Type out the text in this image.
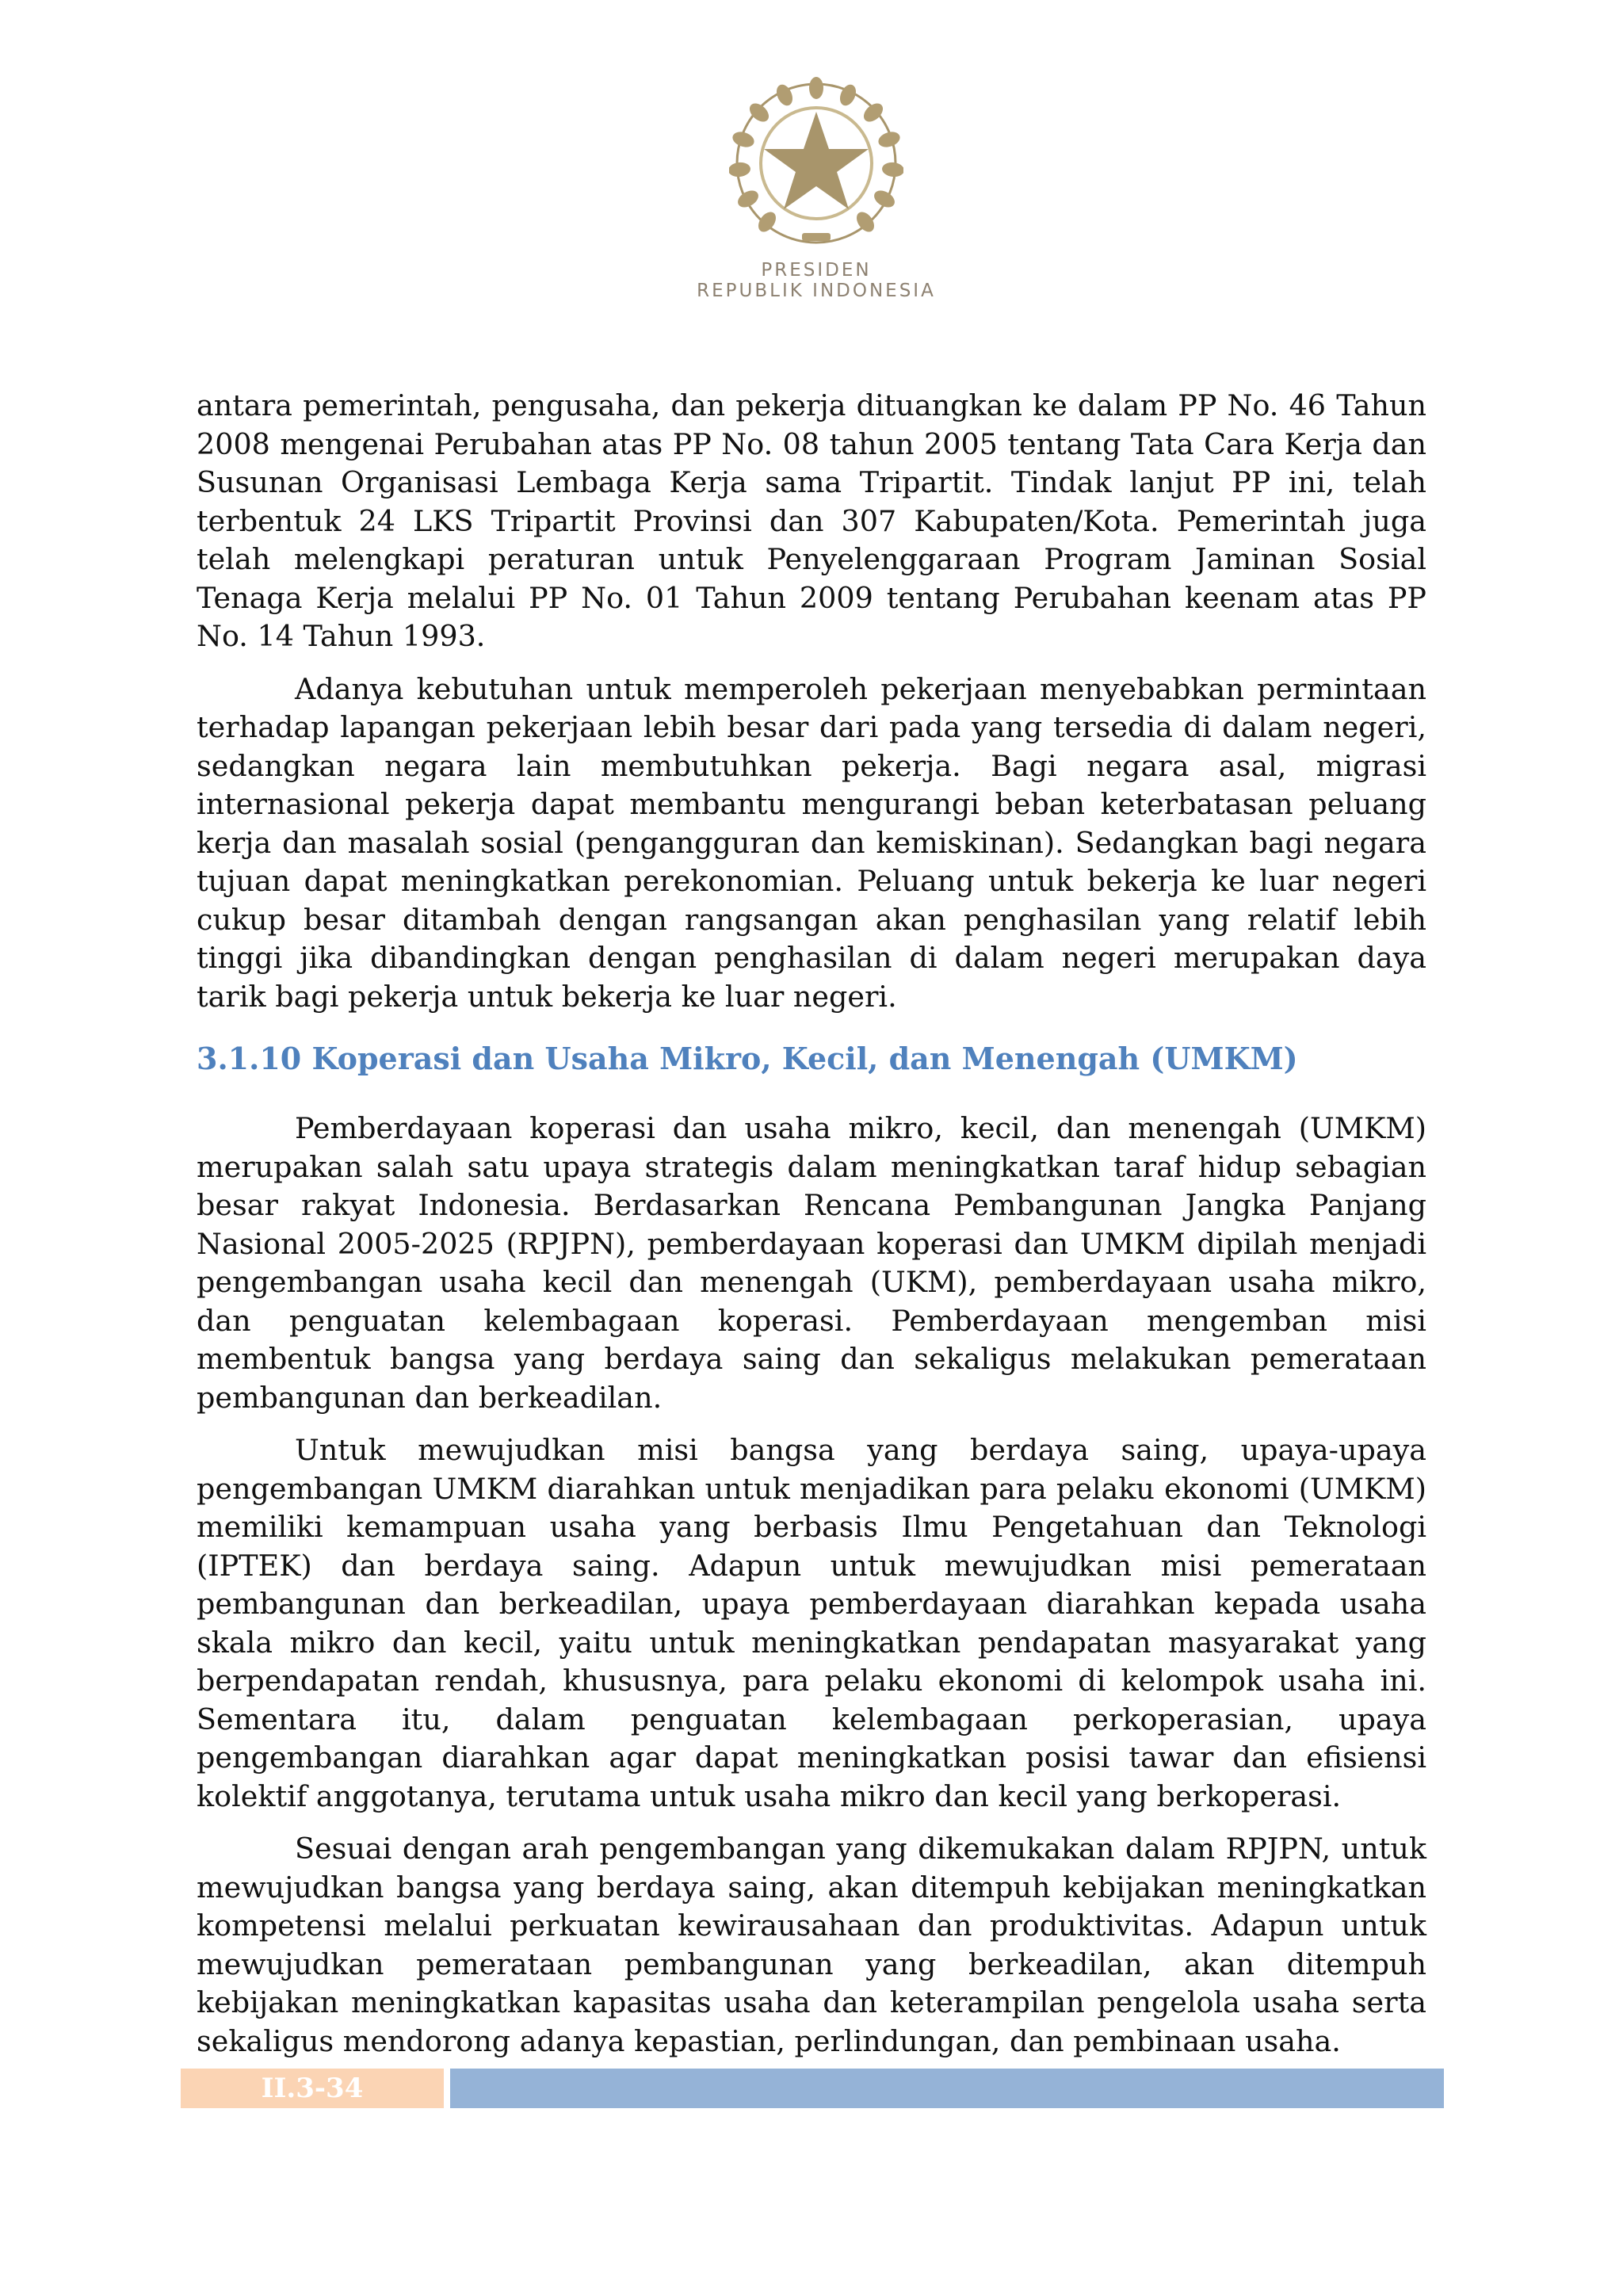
PRESIDEN
REPUBLIK INDONESIA

antara pemerintah, pengusaha, dan pekerja dituangkan ke dalam PP No. 46 Tahun 2008 mengenai Perubahan atas PP No. 08 tahun 2005 tentang Tata Cara Kerja dan Susunan Organisasi Lembaga Kerja sama Tripartit. Tindak lanjut PP ini, telah terbentuk 24 LKS Tripartit Provinsi dan 307 Kabupaten/Kota. Pemerintah juga telah melengkapi peraturan untuk Penyelenggaraan Program Jaminan Sosial Tenaga Kerja melalui PP No. 01 Tahun 2009 tentang Perubahan keenam atas PP No. 14 Tahun 1993.

Adanya kebutuhan untuk memperoleh pekerjaan menyebabkan permintaan terhadap lapangan pekerjaan lebih besar dari pada yang tersedia di dalam negeri, sedangkan negara lain membutuhkan pekerja. Bagi negara asal, migrasi internasional pekerja dapat membantu mengurangi beban keterbatasan peluang kerja dan masalah sosial (pengangguran dan kemiskinan). Sedangkan bagi negara tujuan dapat meningkatkan perekonomian. Peluang untuk bekerja ke luar negeri cukup besar ditambah dengan rangsangan akan penghasilan yang relatif lebih tinggi jika dibandingkan dengan penghasilan di dalam negeri merupakan daya tarik bagi pekerja untuk bekerja ke luar negeri.

3.1.10 Koperasi dan Usaha Mikro, Kecil, dan Menengah (UMKM)

Pemberdayaan koperasi dan usaha mikro, kecil, dan menengah (UMKM) merupakan salah satu upaya strategis dalam meningkatkan taraf hidup sebagian besar rakyat Indonesia. Berdasarkan Rencana Pembangunan Jangka Panjang Nasional 2005-2025 (RPJPN), pemberdayaan koperasi dan UMKM dipilah menjadi pengembangan usaha kecil dan menengah (UKM), pemberdayaan usaha mikro, dan penguatan kelembagaan koperasi. Pemberdayaan mengemban misi membentuk bangsa yang berdaya saing dan sekaligus melakukan pemerataan pembangunan dan berkeadilan.

Untuk mewujudkan misi bangsa yang berdaya saing, upaya-upaya pengembangan UMKM diarahkan untuk menjadikan para pelaku ekonomi (UMKM) memiliki kemampuan usaha yang berbasis Ilmu Pengetahuan dan Teknologi (IPTEK) dan berdaya saing. Adapun untuk mewujudkan misi pemerataan pembangunan dan berkeadilan, upaya pemberdayaan diarahkan kepada usaha skala mikro dan kecil, yaitu untuk meningkatkan pendapatan masyarakat yang berpendapatan rendah, khususnya, para pelaku ekonomi di kelompok usaha ini. Sementara itu, dalam penguatan kelembagaan perkoperasian, upaya pengembangan diarahkan agar dapat meningkatkan posisi tawar dan efisiensi kolektif anggotanya, terutama untuk usaha mikro dan kecil yang berkoperasi.

Sesuai dengan arah pengembangan yang dikemukakan dalam RPJPN, untuk mewujudkan bangsa yang berdaya saing, akan ditempuh kebijakan meningkatkan kompetensi melalui perkuatan kewirausahaan dan produktivitas. Adapun untuk mewujudkan pemerataan pembangunan yang berkeadilan, akan ditempuh kebijakan meningkatkan kapasitas usaha dan keterampilan pengelola usaha serta sekaligus mendorong adanya kepastian, perlindungan, dan pembinaan usaha.

II.3-34
